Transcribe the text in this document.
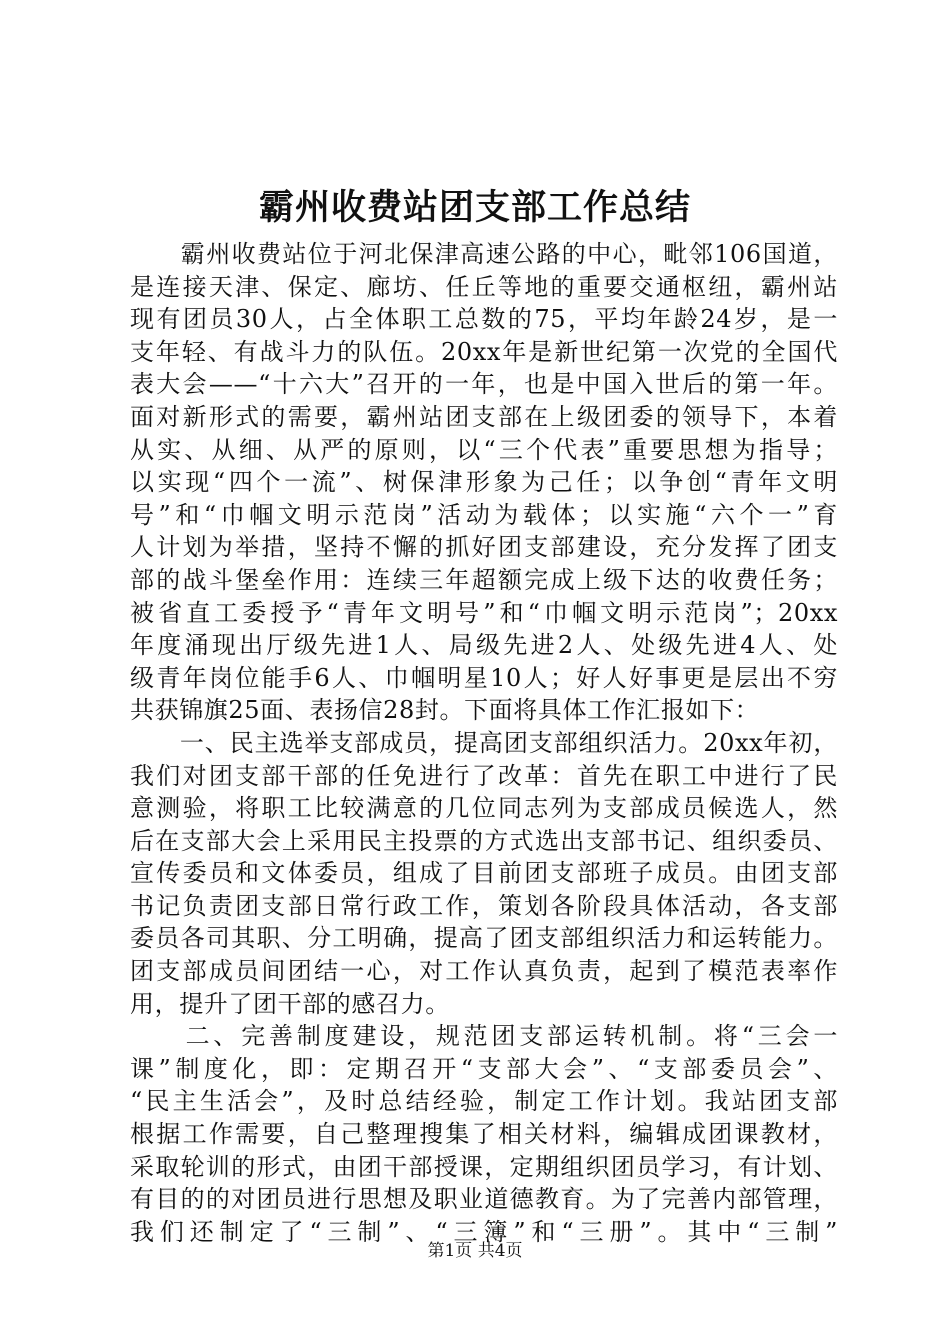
霸州收费站团支部工作总结

　　霸州收费站位于河北保津高速公路的中心，毗邻106国道，
是连接天津、保定、廊坊、任丘等地的重要交通枢纽，霸州站
现有团员30人，占全体职工总数的75，平均年龄24岁，是一
支年轻、有战斗力的队伍。20xx年是新世纪第一次党的全国代
表大会——“十六大”召开的一年，也是中国入世后的第一年。
面对新形式的需要，霸州站团支部在上级团委的领导下，本着
从实、从细、从严的原则，以“三个代表”重要思想为指导；
以实现“四个一流”、树保津形象为己任；以争创“青年文明
号”和“巾帼文明示范岗”活动为载体；以实施“六个一”育
人计划为举措，坚持不懈的抓好团支部建设，充分发挥了团支
部的战斗堡垒作用：连续三年超额完成上级下达的收费任务；
被省直工委授予“青年文明号”和“巾帼文明示范岗”；20xx
年度涌现出厅级先进1人、局级先进2人、处级先进4人、处
级青年岗位能手6人、巾帼明星10人；好人好事更是层出不穷
共获锦旗25面、表扬信28封。下面将具体工作汇报如下：

　　一、民主选举支部成员，提高团支部组织活力。20xx年初，
我们对团支部干部的任免进行了改革：首先在职工中进行了民
意测验，将职工比较满意的几位同志列为支部成员候选人，然
后在支部大会上采用民主投票的方式选出支部书记、组织委员、
宣传委员和文体委员，组成了目前团支部班子成员。由团支部
书记负责团支部日常行政工作，策划各阶段具体活动，各支部
委员各司其职、分工明确，提高了团支部组织活力和运转能力。
团支部成员间团结一心，对工作认真负责，起到了模范表率作
用，提升了团干部的感召力。

　　二、完善制度建设，规范团支部运转机制。将“三会一
课”制度化，即：定期召开“支部大会”、“支部委员会”、
“民主生活会”，及时总结经验，制定工作计划。我站团支部
根据工作需要，自己整理搜集了相关材料，编辑成团课教材，
采取轮训的形式，由团干部授课，定期组织团员学习，有计划、
有目的的对团员进行思想及职业道德教育。为了完善内部管理，
我们还制定了“三制”、“三簿”和“三册”。其中“三制”

第1页 共4页
